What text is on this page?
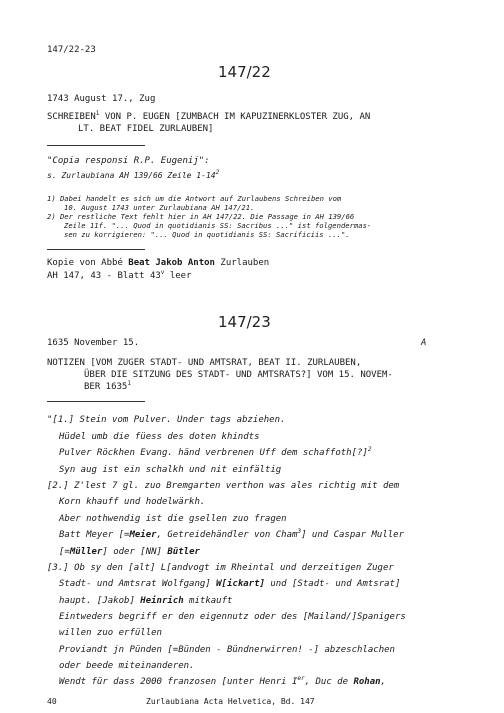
147/22-23
147/22
1743 August 17., Zug
SCHREIBEN$^1$ VON P. EUGEN [ZUMBACH IM KAPUZINERKLOSTER ZUG, AN
LT. BEAT FIDEL ZURLAUBEN]
"Copia responsi R.P. Eugenij":
s. Zurlaubiana AH 139/66 Zeile $1-14^2$
1) Dabei handelt es sich um die Antwort auf Zurlaubens Schreiben vom
10. August 1743 unter Zurlaubiana AH 147/21.
2) Der restliche Text fehlt hier in AH 147/22. Die Passage in AH 139/66
Zeile 11f. "... Quod in quotidianis SS: Sacribus ..." ist folgendermas-
sen zu korrigieren: "... Quod in quotidianis SS: Sacrificiis ...".
Kopie von Abbé Beat Jakob Anton Zurlauben
AH 147, 43 - Blatt 43$^v$ leer
147/23
1635 November 15.	A
NOTIZEN [VOM ZUGER STADT- UND AMTSRAT, BEAT II. ZURLAUBEN,
ÜBER DIE SITZUNG DES STADT- UND AMTSRATS?] VOM 15. NOVEM-
BER 1635$^1$
"[1.] Stein vom Pulver. Under tags abziehen.
Hüdel umb die füess des doten khindts
Pulver Röckhen Evang. händ verbrenen Uff dem schaffoth[?]$^2$
Syn aug ist ein schalkh und nit einfältig
[2.] Z'lest 7 gl. zuo Bremgarten verthon was ales richtig mit dem
Korn khauff und hodelwärkh.
Aber nothwendig ist die gsellen zuo fragen
Batt Meyer [=Meier, Getreidehändler von Cham$^3$] und Caspar Muller
[=Müller] oder [NN] Bütler
[3.] Ob sy den [alt] L[andvogt im Rheintal und derzeitigen Zuger
Stadt- und Amtsrat Wolfgang] W[ickart] und [Stadt- und Amtsrat]
haupt. [Jakob] Heinrich mitkauft
Eintweders begriff er den eigennutz oder des [Mailand/]Spanigers
willen zuo erfüllen
Proviandt jn Pünden [=Bünden - Bündnerwirren! -] abzeschlachen
oder beede miteinanderen.
Wendt für dass 2000 franzosen [unter Henri Ier, Duc de Rohan,
40	Zurlaubiana Acta Helvetica, Bd. 147
